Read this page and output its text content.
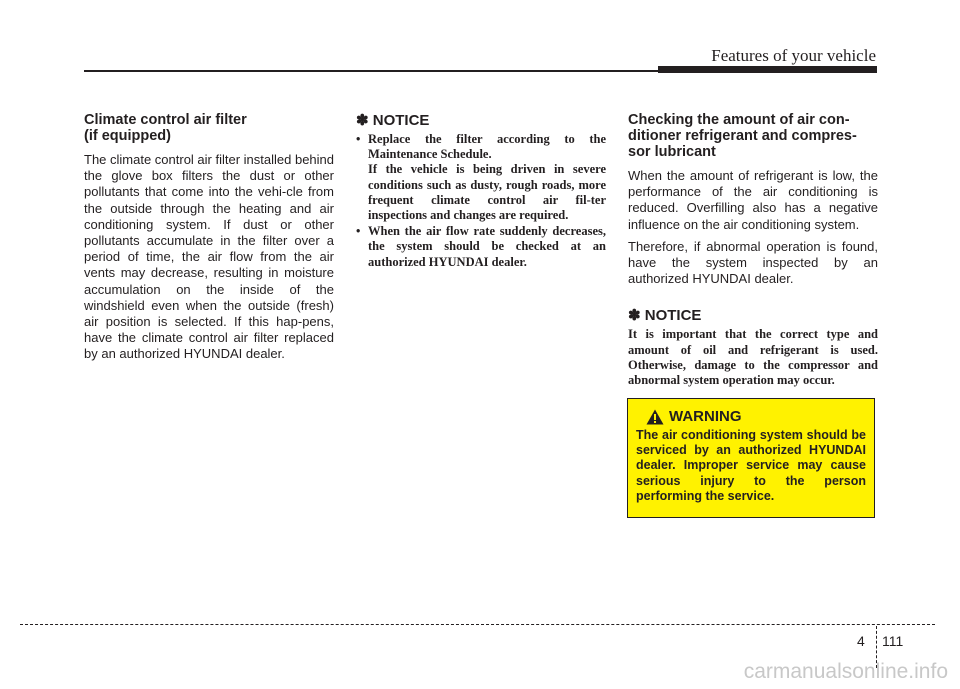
Features of your vehicle
Climate control air filter
(if equipped)

The climate control air filter installed behind the glove box filters the dust or other pollutants that come into the vehi-cle from the outside through the heating and air conditioning system. If dust or other pollutants accumulate in the filter over a period of time, the air flow from the air vents may decrease, resulting in moisture accumulation on the inside of the windshield even when the outside (fresh) air position is selected. If this hap-pens, have the climate control air filter replaced by an authorized HYUNDAI dealer.

✽ NOTICE
• Replace the filter according to the Maintenance Schedule.
If the vehicle is being driven in severe conditions such as dusty, rough roads, more frequent climate control air fil-ter inspections and changes are required.
• When the air flow rate suddenly decreases, the system should be checked at an authorized HYUNDAI dealer.
Checking the amount of air con-
ditioner refrigerant and compres-
sor lubricant

When the amount of refrigerant is low, the performance of the air conditioning is reduced. Overfilling also has a negative influence on the air conditioning system.

Therefore, if abnormal operation is found, have the system inspected by an authorized HYUNDAI dealer.

✽ NOTICE

It is important that the correct type and amount of oil and refrigerant is used. Otherwise, damage to the compressor and abnormal system operation may occur.

WARNING

The air conditioning system should be serviced by an authorized HYUNDAI dealer. Improper service may cause serious injury to the person performing the service.

4 111
carmanualsonline.info
